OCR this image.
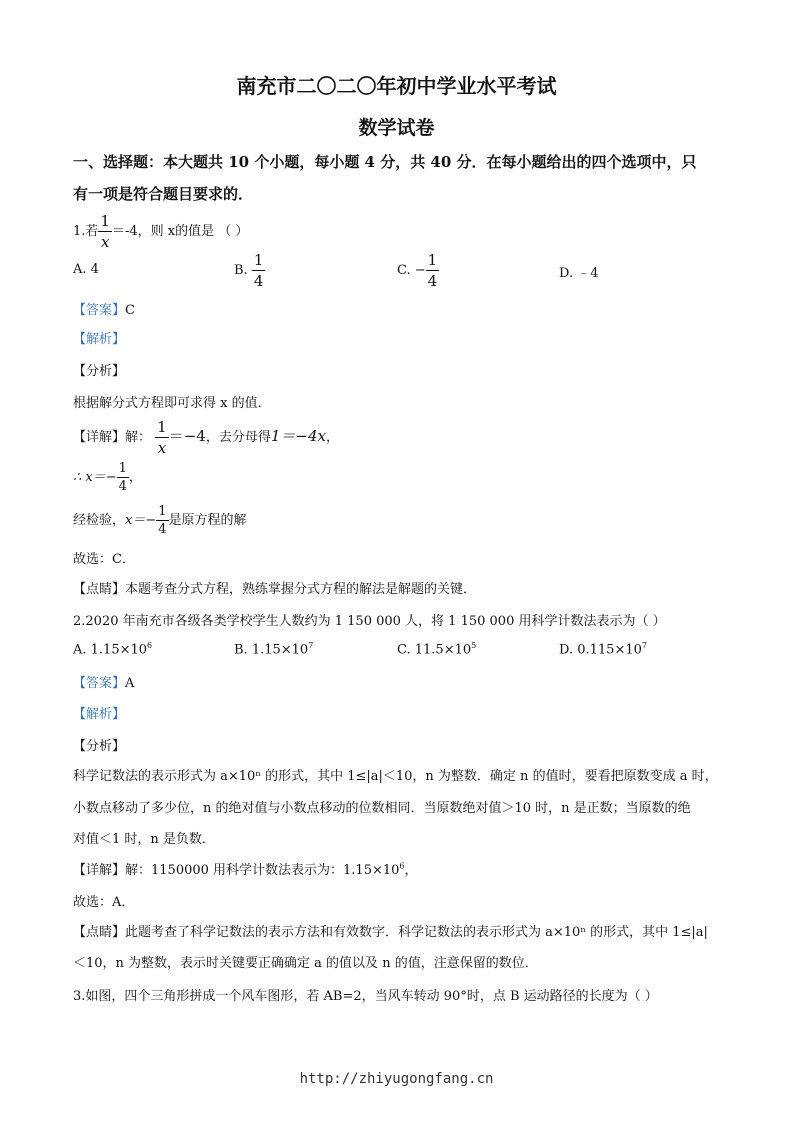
南充市二〇二〇年初中学业水平考试
数学试卷
一、选择题：本大题共 10 个小题，每小题 4 分，共 40 分．在每小题给出的四个选项中，只
有一项是符合题目要求的．
1.若 $\frac{1}{x} =-4$，则 x的值是 （ ）
A. 4	B. $\frac{1}{4}$	C. − $\frac{1}{4}$	D. ﹣4
【答案】C
【解析】
【分析】
根据解分式方程即可求得 x 的值．
【详解】解： $\frac{1}{x} =-4$，去分母得1＝−4x，
∴ $x=- \frac{1}{4}$ ，
经检验，$x=- \frac{1}{4}$ 是原方程的解
故选：C．
【点睛】本题考查分式方程，熟练掌握分式方程的解法是解题的关键．
2.2020 年南充市各级各类学校学生人数约为 1 150 000 人，将 1 150 000 用科学计数法表示为（ ）
A. $1.15\times 10^6$	B. $1.15\times 10^7$	C. $11.5\times 10^5$	D. $0.115\times 10^7$
【答案】A
【解析】
【分析】
科学记数法的表示形式为 a×10ⁿ 的形式，其中 1≤|a|＜10，n 为整数．确定 n 的值时，要看把原数变成 a 时，
小数点移动了多少位，n 的绝对值与小数点移动的位数相同．当原数绝对值＞10 时，n 是正数；当原数的绝
对值＜1 时，n 是负数．
【详解】解：1150000 用科学计数法表示为：$1.15\times 10^6$，
故选：A．
【点睛】此题考查了科学记数法的表示方法和有效数字．科学记数法的表示形式为 a×10ⁿ 的形式，其中 1≤|a|
＜10，n 为整数，表示时关键要正确确定 a 的值以及 n 的值，注意保留的数位．
3.如图，四个三角形拼成一个风车图形，若 AB=2，当风车转动 90°时，点 B 运动路径的长度为（ ）
http://zhiyugongfang.cn
